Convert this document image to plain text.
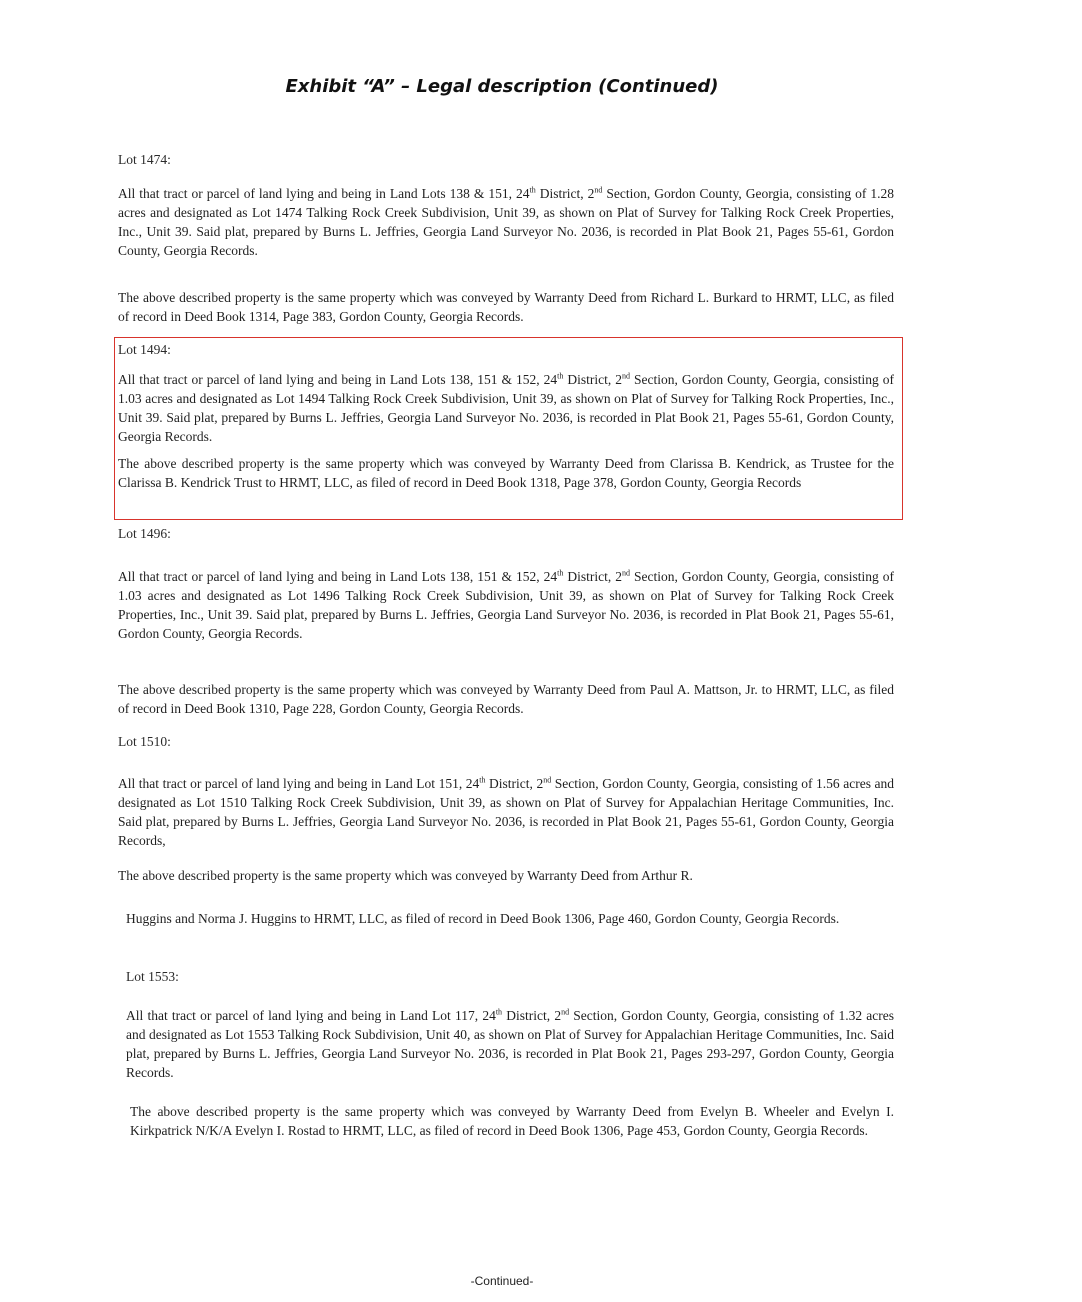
Exhibit “A” – Legal description (Continued)

Lot 1474:

All that tract or parcel of land lying and being in Land Lots 138 & 151, 24th District, 2nd Section, Gordon County, Georgia, consisting of 1.28 acres and designated as Lot 1474 Talking Rock Creek Subdivision, Unit 39, as shown on Plat of Survey for Talking Rock Creek Properties, Inc., Unit 39. Said plat, prepared by Burns L. Jeffries, Georgia Land Surveyor No. 2036, is recorded in Plat Book 21, Pages 55-61, Gordon County, Georgia Records.

The above described property is the same property which was conveyed by Warranty Deed from Richard L. Burkard to HRMT, LLC, as filed of record in Deed Book 1314, Page 383, Gordon County, Georgia Records.

Lot 1494:

All that tract or parcel of land lying and being in Land Lots 138, 151 & 152, 24th District, 2nd Section, Gordon County, Georgia, consisting of 1.03 acres and designated as Lot 1494 Talking Rock Creek Subdivision, Unit 39, as shown on Plat of Survey for Talking Rock Properties, Inc., Unit 39. Said plat, prepared by Burns L. Jeffries, Georgia Land Surveyor No. 2036, is recorded in Plat Book 21, Pages 55-61, Gordon County, Georgia Records.

The above described property is the same property which was conveyed by Warranty Deed from Clarissa B. Kendrick, as Trustee for the Clarissa B. Kendrick Trust to HRMT, LLC, as filed of record in Deed Book 1318, Page 378, Gordon County, Georgia Records

Lot 1496:

All that tract or parcel of land lying and being in Land Lots 138, 151 & 152, 24th District, 2nd Section, Gordon County, Georgia, consisting of 1.03 acres and designated as Lot 1496 Talking Rock Creek Subdivision, Unit 39, as shown on Plat of Survey for Talking Rock Creek Properties, Inc., Unit 39. Said plat, prepared by Burns L. Jeffries, Georgia Land Surveyor No. 2036, is recorded in Plat Book 21, Pages 55-61, Gordon County, Georgia Records.

The above described property is the same property which was conveyed by Warranty Deed from Paul A. Mattson, Jr. to HRMT, LLC, as filed of record in Deed Book 1310, Page 228, Gordon County, Georgia Records.

Lot 1510:

All that tract or parcel of land lying and being in Land Lot 151, 24th District, 2nd Section, Gordon County, Georgia, consisting of 1.56 acres and designated as Lot 1510 Talking Rock Creek Subdivision, Unit 39, as shown on Plat of Survey for Appalachian Heritage Communities, Inc. Said plat, prepared by Burns L. Jeffries, Georgia Land Surveyor No. 2036, is recorded in Plat Book 21, Pages 55-61, Gordon County, Georgia Records,

The above described property is the same property which was conveyed by Warranty Deed from Arthur R.

Huggins and Norma J. Huggins to HRMT, LLC, as filed of record in Deed Book 1306, Page 460, Gordon County, Georgia Records.

Lot 1553:

All that tract or parcel of land lying and being in Land Lot 117, 24th District, 2nd Section, Gordon County, Georgia, consisting of 1.32 acres and designated as Lot 1553 Talking Rock Subdivision, Unit 40, as shown on Plat of Survey for Appalachian Heritage Communities, Inc. Said plat, prepared by Burns L. Jeffries, Georgia Land Surveyor No. 2036, is recorded in Plat Book 21, Pages 293-297, Gordon County, Georgia Records.

The above described property is the same property which was conveyed by Warranty Deed from Evelyn B. Wheeler and Evelyn I. Kirkpatrick N/K/A Evelyn I. Rostad to HRMT, LLC, as filed of record in Deed Book 1306, Page 453, Gordon County, Georgia Records.

-Continued-
